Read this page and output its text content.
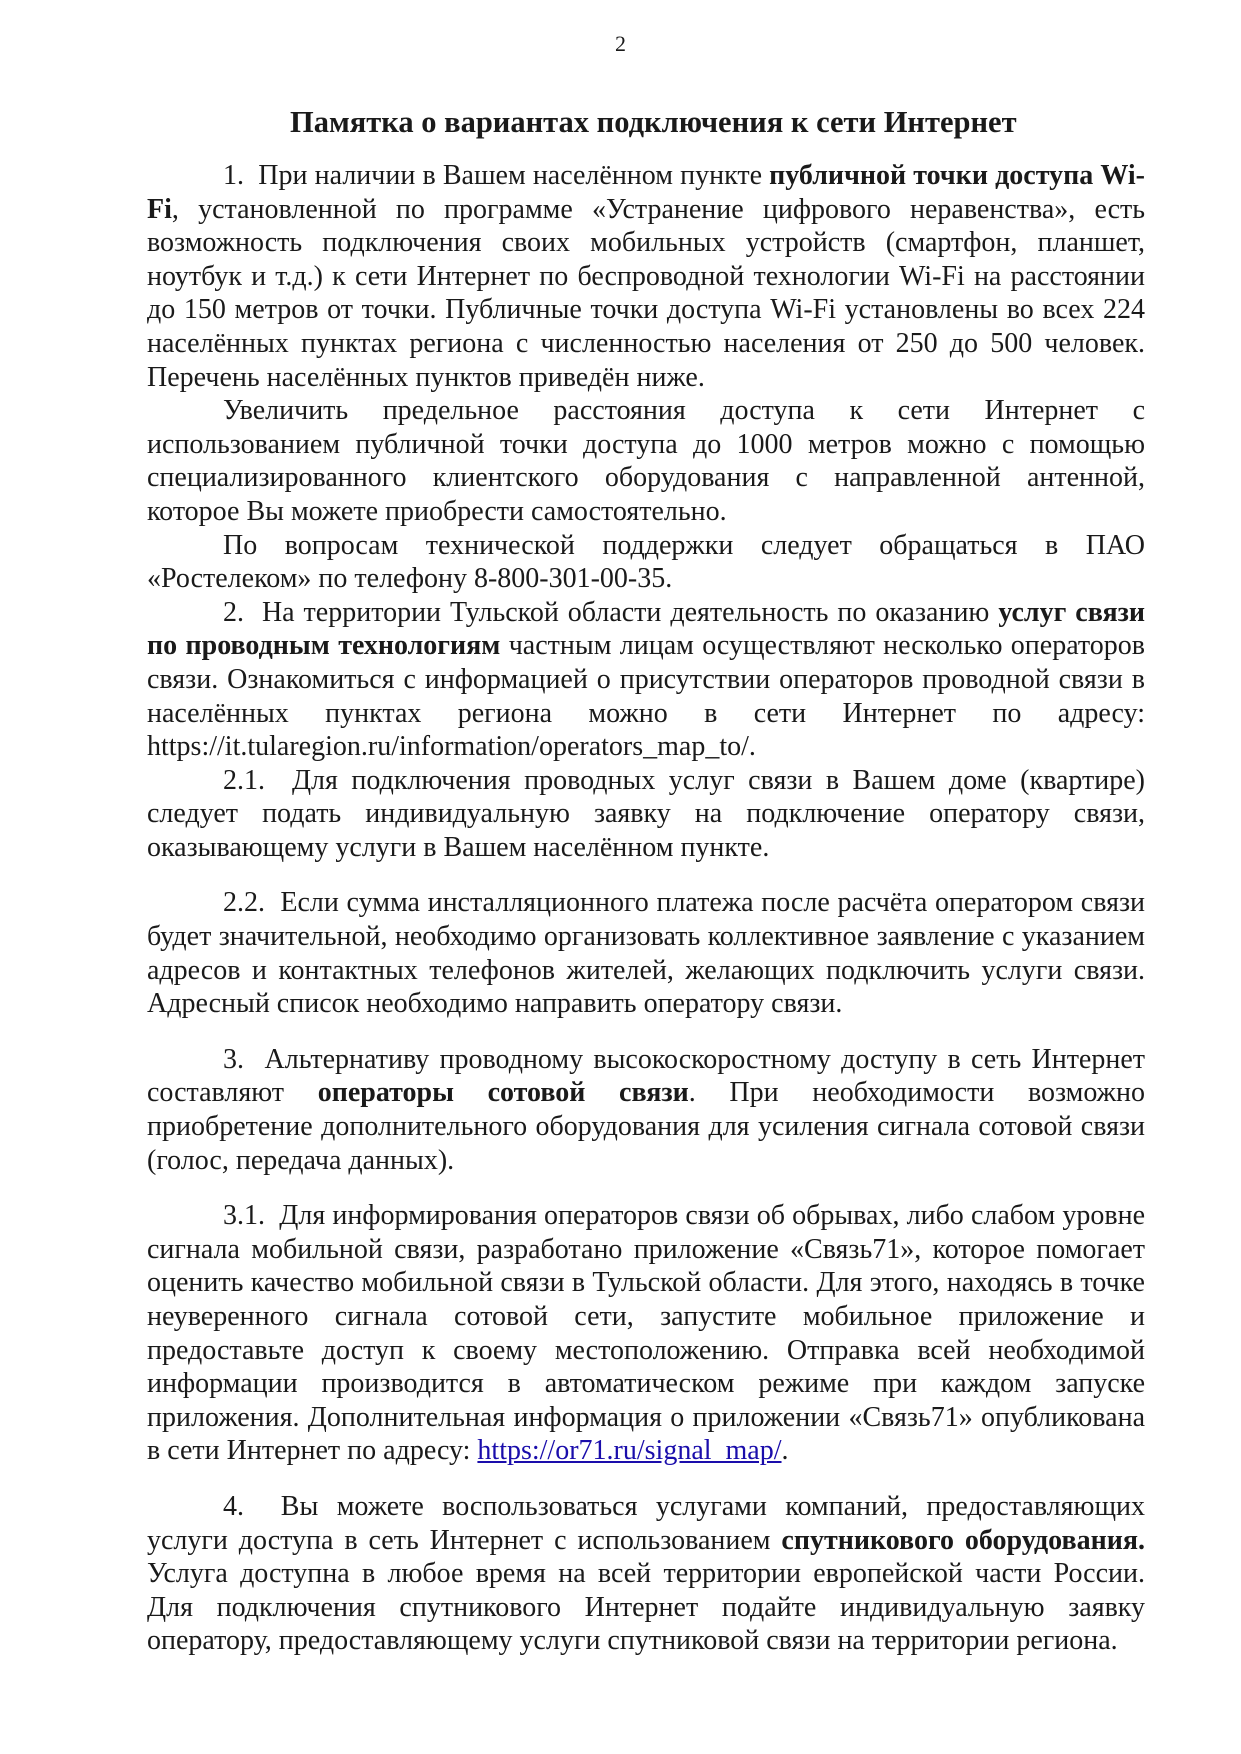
2
Памятка о вариантах подключения к сети Интернет

1.  При наличии в Вашем населённом пункте публичной точки доступа Wi-Fi, установленной по программе «Устранение цифрового неравенства», есть возможность подключения своих мобильных устройств (смартфон, планшет, ноутбук и т.д.) к сети Интернет по беспроводной технологии Wi-Fi на расстоянии до 150 метров от точки. Публичные точки доступа Wi-Fi установлены во всех 224 населённых пунктах региона с численностью населения от 250 до 500 человек. Перечень населённых пунктов приведён ниже.

Увеличить предельное расстояния доступа к сети Интернет с использованием публичной точки доступа до 1000 метров можно с помощью специализированного клиентского оборудования с направленной антенной, которое Вы можете приобрести самостоятельно.

По вопросам технической поддержки следует обращаться в ПАО «Ростелеком» по телефону 8-800-301-00-35.

2.  На территории Тульской области деятельность по оказанию услуг связи по проводным технологиям частным лицам осуществляют несколько операторов связи. Ознакомиться с информацией о присутствии операторов проводной связи в населённых пунктах региона можно в сети Интернет по адресу: https://it.tularegion.ru/information/operators_map_to/.

2.1.  Для подключения проводных услуг связи в Вашем доме (квартире) следует подать индивидуальную заявку на подключение оператору связи, оказывающему услуги в Вашем населённом пункте.

2.2.  Если сумма инсталляционного платежа после расчёта оператором связи будет значительной, необходимо организовать коллективное заявление с указанием адресов и контактных телефонов жителей, желающих подключить услуги связи. Адресный список необходимо направить оператору связи.

3.  Альтернативу проводному высокоскоростному доступу в сеть Интернет составляют операторы сотовой связи. При необходимости возможно приобретение дополнительного оборудования для усиления сигнала сотовой связи (голос, передача данных).

3.1.  Для информирования операторов связи об обрывах, либо слабом уровне сигнала мобильной связи, разработано приложение «Связь71», которое помогает оценить качество мобильной связи в Тульской области. Для этого, находясь в точке неуверенного сигнала сотовой сети, запустите мобильное приложение и предоставьте доступ к своему местоположению. Отправка всей необходимой информации производится в автоматическом режиме при каждом запуске приложения. Дополнительная информация о приложении «Связь71» опубликована в сети Интернет по адресу: https://or71.ru/signal_map/.

4.  Вы можете воспользоваться услугами компаний, предоставляющих услуги доступа в сеть Интернет с использованием спутникового оборудования. Услуга доступна в любое время на всей территории европейской части России. Для подключения спутникового Интернет подайте индивидуальную заявку оператору, предоставляющему услуги спутниковой связи на территории региона.
